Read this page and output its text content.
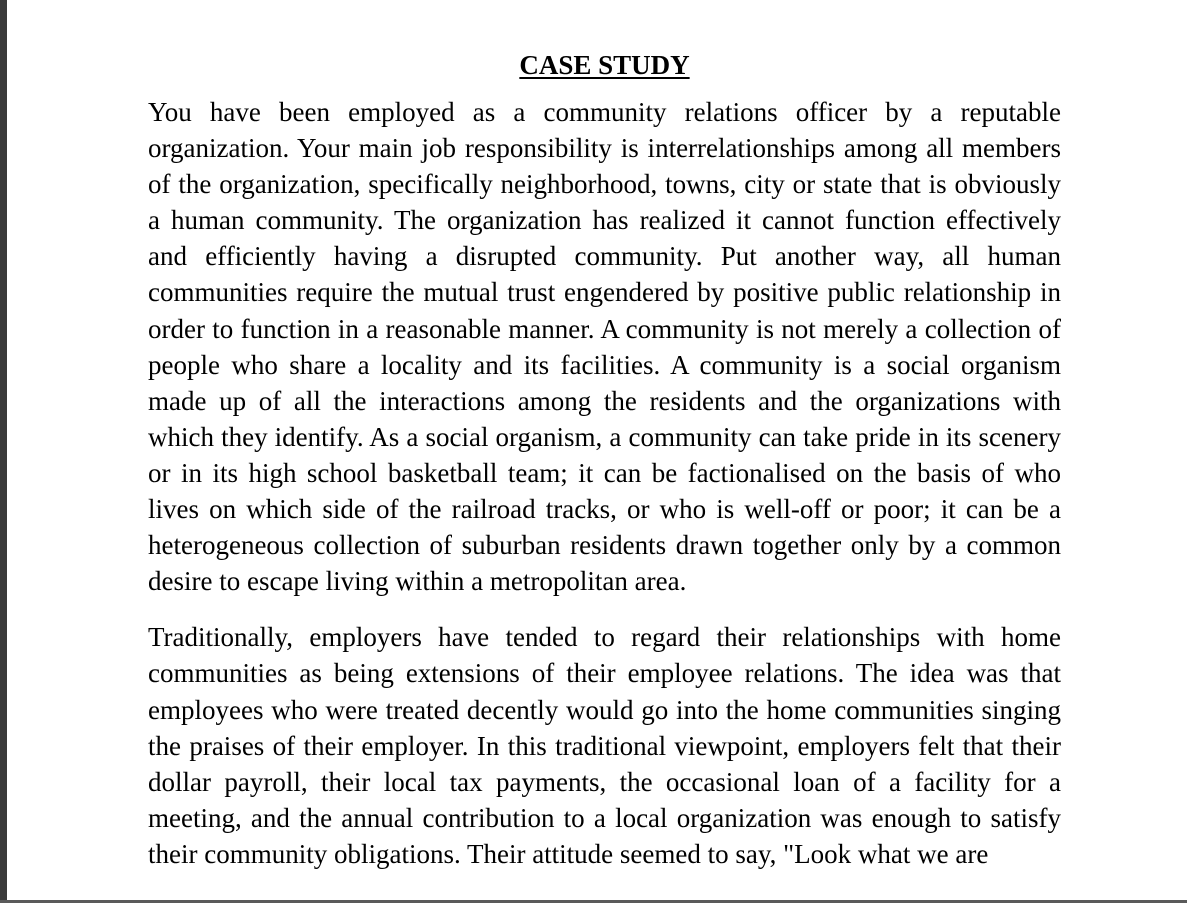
CASE STUDY

You have been employed as a community relations officer by a reputable organization. Your main job responsibility is interrelationships among all members of the organization, specifically neighborhood, towns, city or state that is obviously a human community. The organization has realized it cannot function effectively and efficiently having a disrupted community. Put another way, all human communities require the mutual trust engendered by positive public relationship in order to function in a reasonable manner. A community is not merely a collection of people who share a locality and its facilities. A community is a social organism made up of all the interactions among the residents and the organizations with which they identify. As a social organism, a community can take pride in its scenery or in its high school basketball team; it can be factionalised on the basis of who lives on which side of the railroad tracks, or who is well-off or poor; it can be a heterogeneous collection of suburban residents drawn together only by a common desire to escape living within a metropolitan area.

Traditionally, employers have tended to regard their relationships with home communities as being extensions of their employee relations. The idea was that employees who were treated decently would go into the home communities singing the praises of their employer. In this traditional viewpoint, employers felt that their dollar payroll, their local tax payments, the occasional loan of a facility for a meeting, and the annual contribution to a local organization was enough to satisfy their community obligations. Their attitude seemed to say, "Look what we are
